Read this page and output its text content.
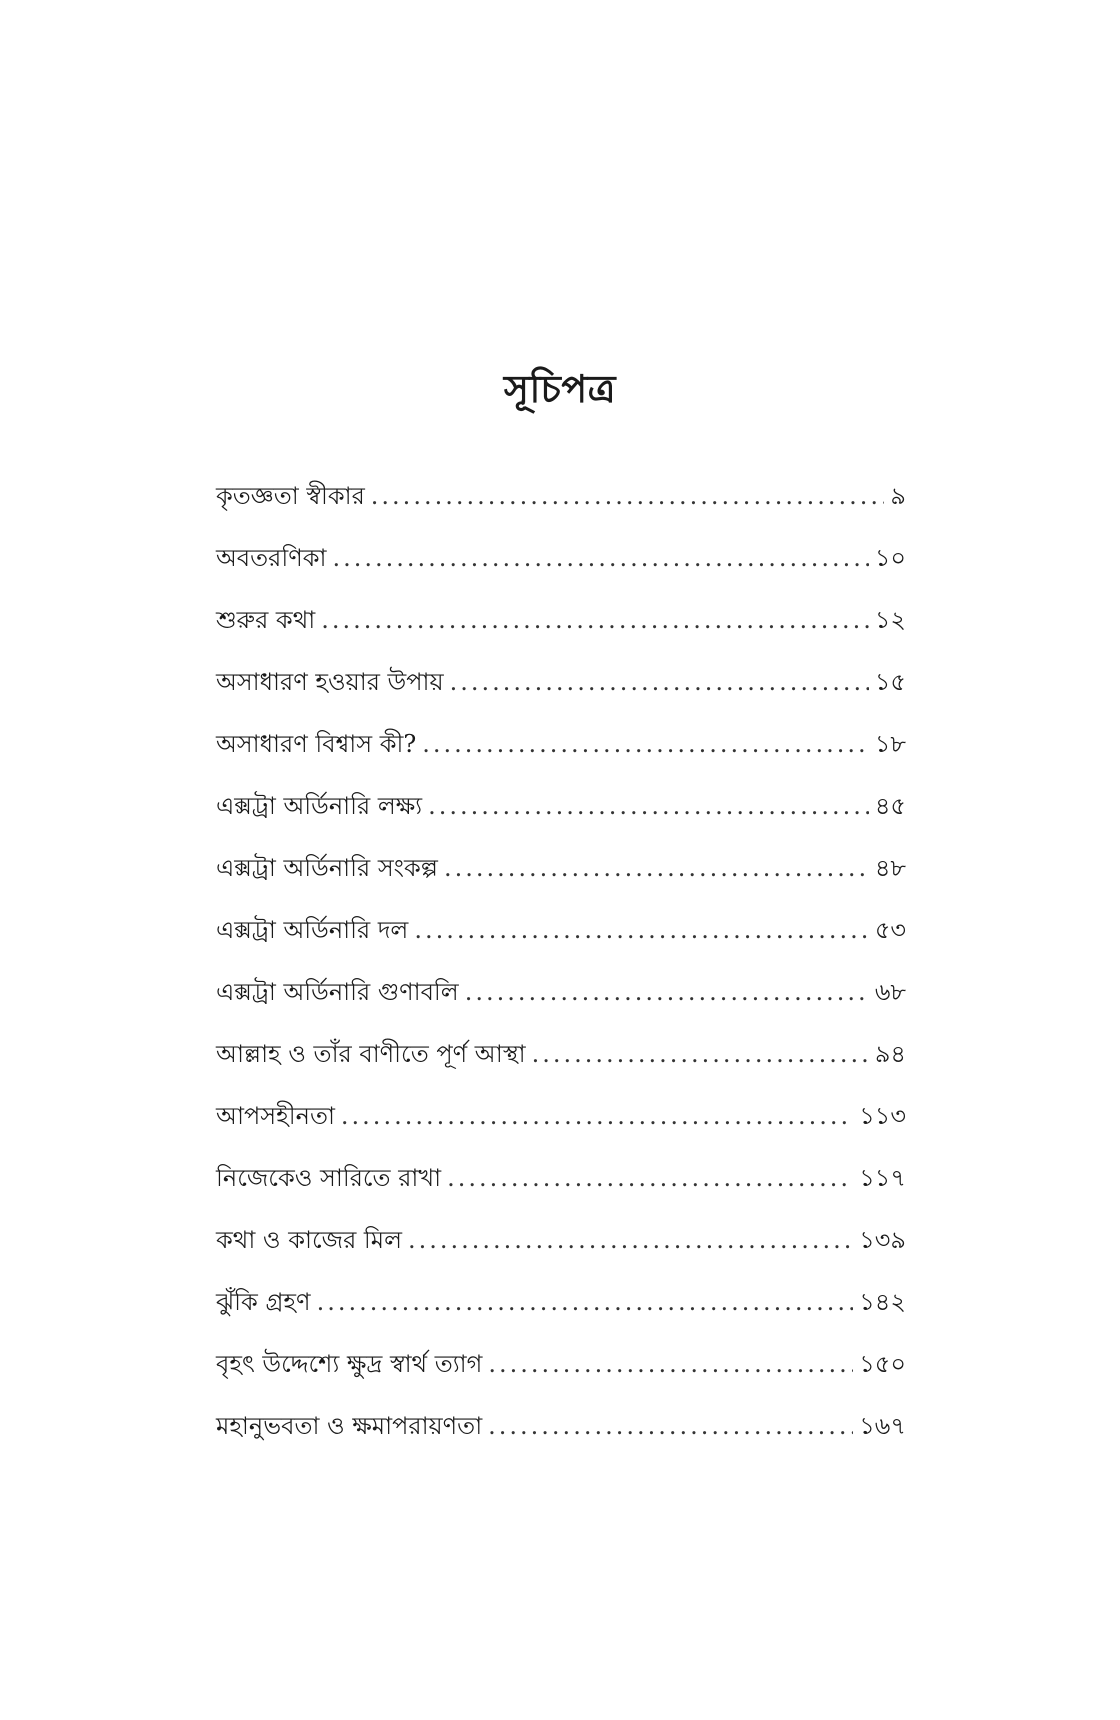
সূচিপত্র
কৃতজ্ঞতা স্বীকার .....	৯
অবতরণিকা .....	১০
শুরুর কথা .....	১২
অসাধারণ হওয়ার উপায় .....	১৫
অসাধারণ বিশ্বাস কী? .....	১৮
এক্সট্রা অর্ডিনারি লক্ষ্য .....	৪৫
এক্সট্রা অর্ডিনারি সংকল্প .....	৪৮
এক্সট্রা অর্ডিনারি দল .....	৫৩
এক্সট্রা অর্ডিনারি গুণাবলি .....	৬৮
আল্লাহ ও তাঁর বাণীতে পূর্ণ আস্থা .....	৯৪
আপসহীনতা .....	১১৩
নিজেকেও সারিতে রাখা .....	১১৭
কথা ও কাজের মিল .....	১৩৯
ঝুঁকি গ্রহণ .....	১৪২
বৃহৎ উদ্দেশ্যে ক্ষুদ্র স্বার্থ ত্যাগ .....	১৫০
মহানুভবতা ও ক্ষমাপরায়ণতা .....	১৬৭
